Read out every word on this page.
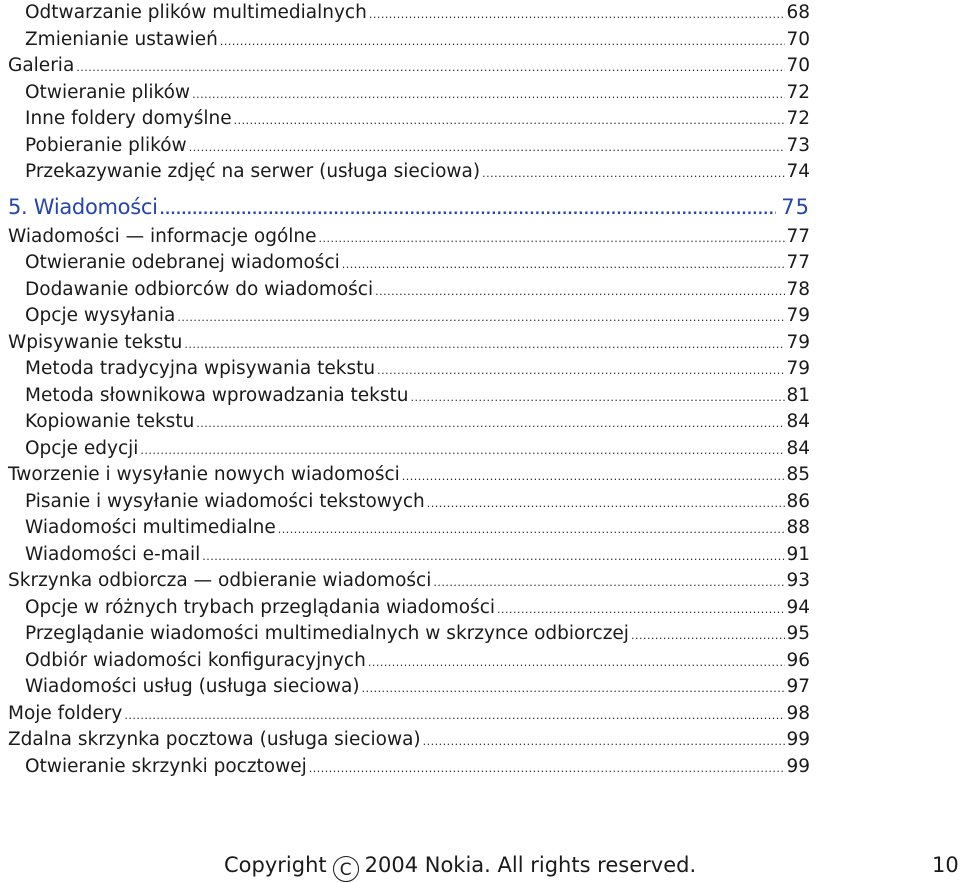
Odtwarzanie plików multimedialnych .....	68
Zmienianie ustawień .....	70
Galeria .....	70
Otwieranie plików .....	72
Inne foldery domyślne .....	72
Pobieranie plików .....	73
Przekazywanie zdjęć na serwer (usługa sieciowa) .....	74
5. Wiadomości .....	75
Wiadomości — informacje ogólne .....	77
Otwieranie odebranej wiadomości .....	77
Dodawanie odbiorców do wiadomości .....	78
Opcje wysyłania .....	79
Wpisywanie tekstu .....	79
Metoda tradycyjna wpisywania tekstu .....	79
Metoda słownikowa wprowadzania tekstu .....	81
Kopiowanie tekstu .....	84
Opcje edycji .....	84
Tworzenie i wysyłanie nowych wiadomości .....	85
Pisanie i wysyłanie wiadomości tekstowych .....	86
Wiadomości multimedialne .....	88
Wiadomości e-mail .....	91
Skrzynka odbiorcza — odbieranie wiadomości .....	93
Opcje w różnych trybach przeglądania wiadomości .....	94
Przeglądanie wiadomości multimedialnych w skrzynce odbiorczej .....	95
Odbiór wiadomości konfiguracyjnych .....	96
Wiadomości usług (usługa sieciowa) .....	97
Moje foldery .....	98
Zdalna skrzynka pocztowa (usługa sieciowa) .....	99
Otwieranie skrzynki pocztowej .....	99
Copyright C 2004 Nokia. All rights reserved.	10
